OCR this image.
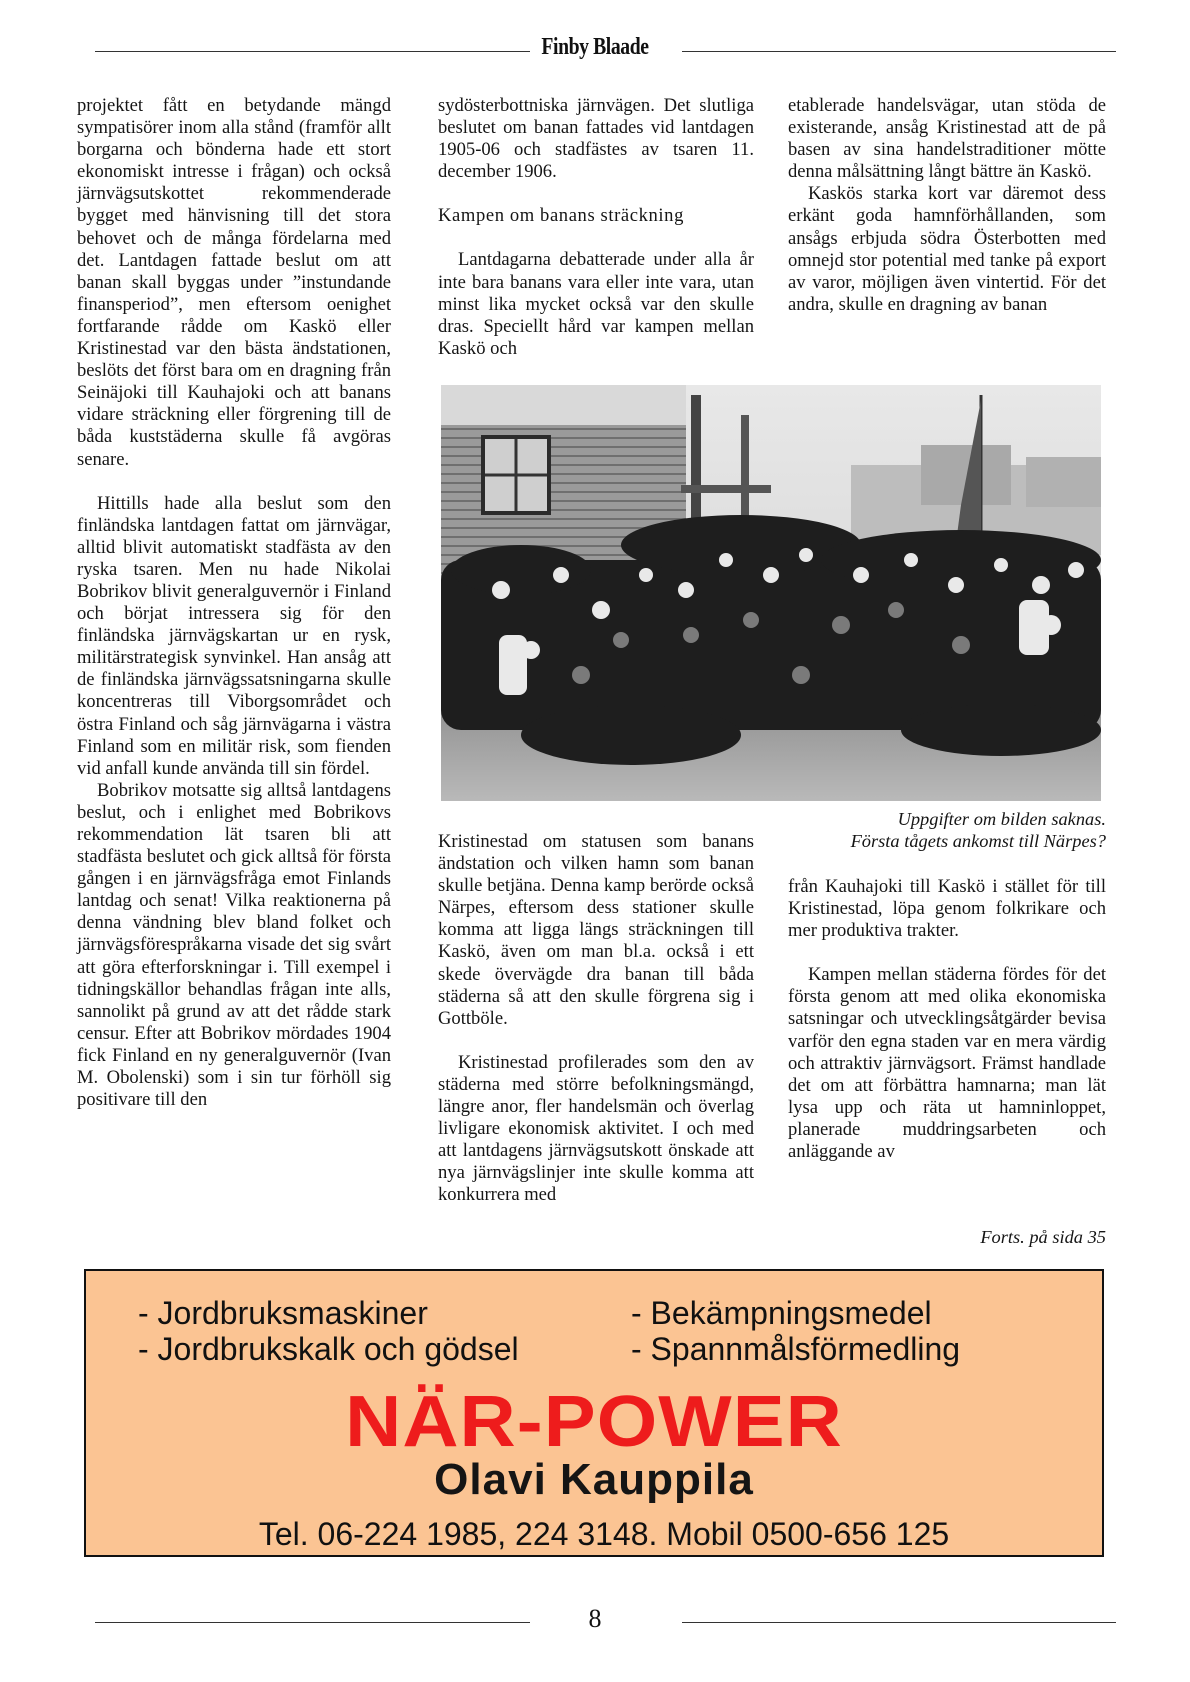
Finby Blaade

projektet fått en betydande mängd sympatisörer inom alla stånd (framför allt borgarna och bönderna hade ett stort ekonomiskt intresse i frågan) och också järnvägsutskottet rekommenderade bygget med hänvisning till det stora behovet och de många fördelarna med det. Lantdagen fattade beslut om att banan skall byggas under ”instundande finansperiod”, men eftersom oenighet fortfarande rådde om Kaskö eller Kristinestad var den bästa ändstationen, beslöts det först bara om en dragning från Seinäjoki till Kauhajoki och att banans vidare sträckning eller förgrening till de båda kuststäderna skulle få avgöras senare.

Hittills hade alla beslut som den finländska lantdagen fattat om järnvägar, alltid blivit automatiskt stadfästa av den ryska tsaren. Men nu hade Nikolai Bobrikov blivit generalguvernör i Finland och börjat intressera sig för den finländska järnvägskartan ur en rysk, militärstrategisk synvinkel. Han ansåg att de finländska järnvägssatsningarna skulle koncentreras till Viborgsområdet och östra Finland och såg järnvägarna i västra Finland som en militär risk, som fienden vid anfall kunde använda till sin fördel.

Bobrikov motsatte sig alltså lantdagens beslut, och i enlighet med Bobrikovs rekommendation lät tsaren bli att stadfästa beslutet och gick alltså för första gången i en järnvägsfråga emot Finlands lantdag och senat! Vilka reaktionerna på denna vändning blev bland folket och järnvägsförespråkarna visade det sig svårt att göra efterforskningar i. Till exempel i tidningskällor behandlas frågan inte alls, sannolikt på grund av att det rådde stark censur. Efter att Bobrikov mördades 1904 fick Finland en ny generalguvernör (Ivan M. Obolenski) som i sin tur förhöll sig positivare till den

sydösterbottniska järnvägen. Det slutliga beslutet om banan fattades vid lantdagen 1905-06 och stadfästes av tsaren 11. december 1906.

Kampen om banans sträckning

Lantdagarna debatterade under alla år inte bara banans vara eller inte vara, utan minst lika mycket också var den skulle dras. Speciellt hård var kampen mellan Kaskö och

etablerade handelsvägar, utan stöda de existerande, ansåg Kristinestad att de på basen av sina handelstraditioner mötte denna målsättning långt bättre än Kaskö.

Kaskös starka kort var däremot dess erkänt goda hamnförhållanden, som ansågs erbjuda södra Österbotten med omnejd stor potential med tanke på export av varor, möjligen även vintertid. För det andra, skulle en dragning av banan

Uppgifter om bilden saknas.
Första tågets ankomst till Närpes?

Kristinestad om statusen som banans ändstation och vilken hamn som banan skulle betjäna. Denna kamp berörde också Närpes, eftersom dess stationer skulle komma att ligga längs sträckningen till Kaskö, även om man bl.a. också i ett skede övervägde dra banan till båda städerna så att den skulle förgrena sig i Gottböle.

Kristinestad profilerades som den av städerna med större befolkningsmängd, längre anor, fler handelsmän och överlag livligare ekonomisk aktivitet. I och med att lantdagens järnvägsutskott önskade att nya järnvägslinjer inte skulle komma att konkurrera med

från Kauhajoki till Kaskö i stället för till Kristinestad, löpa genom folkrikare och mer produktiva trakter.

Kampen mellan städerna fördes för det första genom att med olika ekonomiska satsningar och utvecklingsåtgärder bevisa varför den egna staden var en mera värdig och attraktiv järnvägsort. Främst handlade det om att förbättra hamnarna; man lät lysa upp och räta ut hamninloppet, planerade muddringsarbeten och anläggande av

Forts. på sida 35
- Jordbruksmaskiner
- Jordbrukskalk och gödsel
- Bekämpningsmedel
- Spannmålsförmedling
NÄR-POWER
Olavi Kauppila
Tel. 06-224 1985, 224 3148. Mobil 0500-656 125
8
